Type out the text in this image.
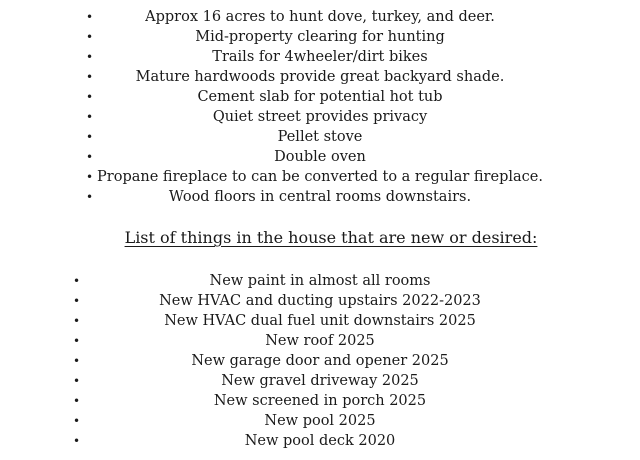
•	Approx 16 acres to hunt dove, turkey, and deer.
•	Mid-property clearing for hunting
•	Trails for 4wheeler/dirt bikes
•	Mature hardwoods provide great backyard shade.
•	Cement slab for potential hot tub
•	Quiet street provides privacy
•	Pellet stove
•	Double oven
• Propane fireplace to can be converted to a regular fireplace.
•	Wood floors in central rooms downstairs.
List of things in the house that are new or desired:
•	New paint in almost all rooms
•	New HVAC and ducting upstairs 2022-2023
•	New HVAC dual fuel unit downstairs 2025
•	New roof 2025
•	New garage door and opener 2025
•	New gravel driveway 2025
•	New screened in porch 2025
•	New pool 2025
•	New pool deck 2020
